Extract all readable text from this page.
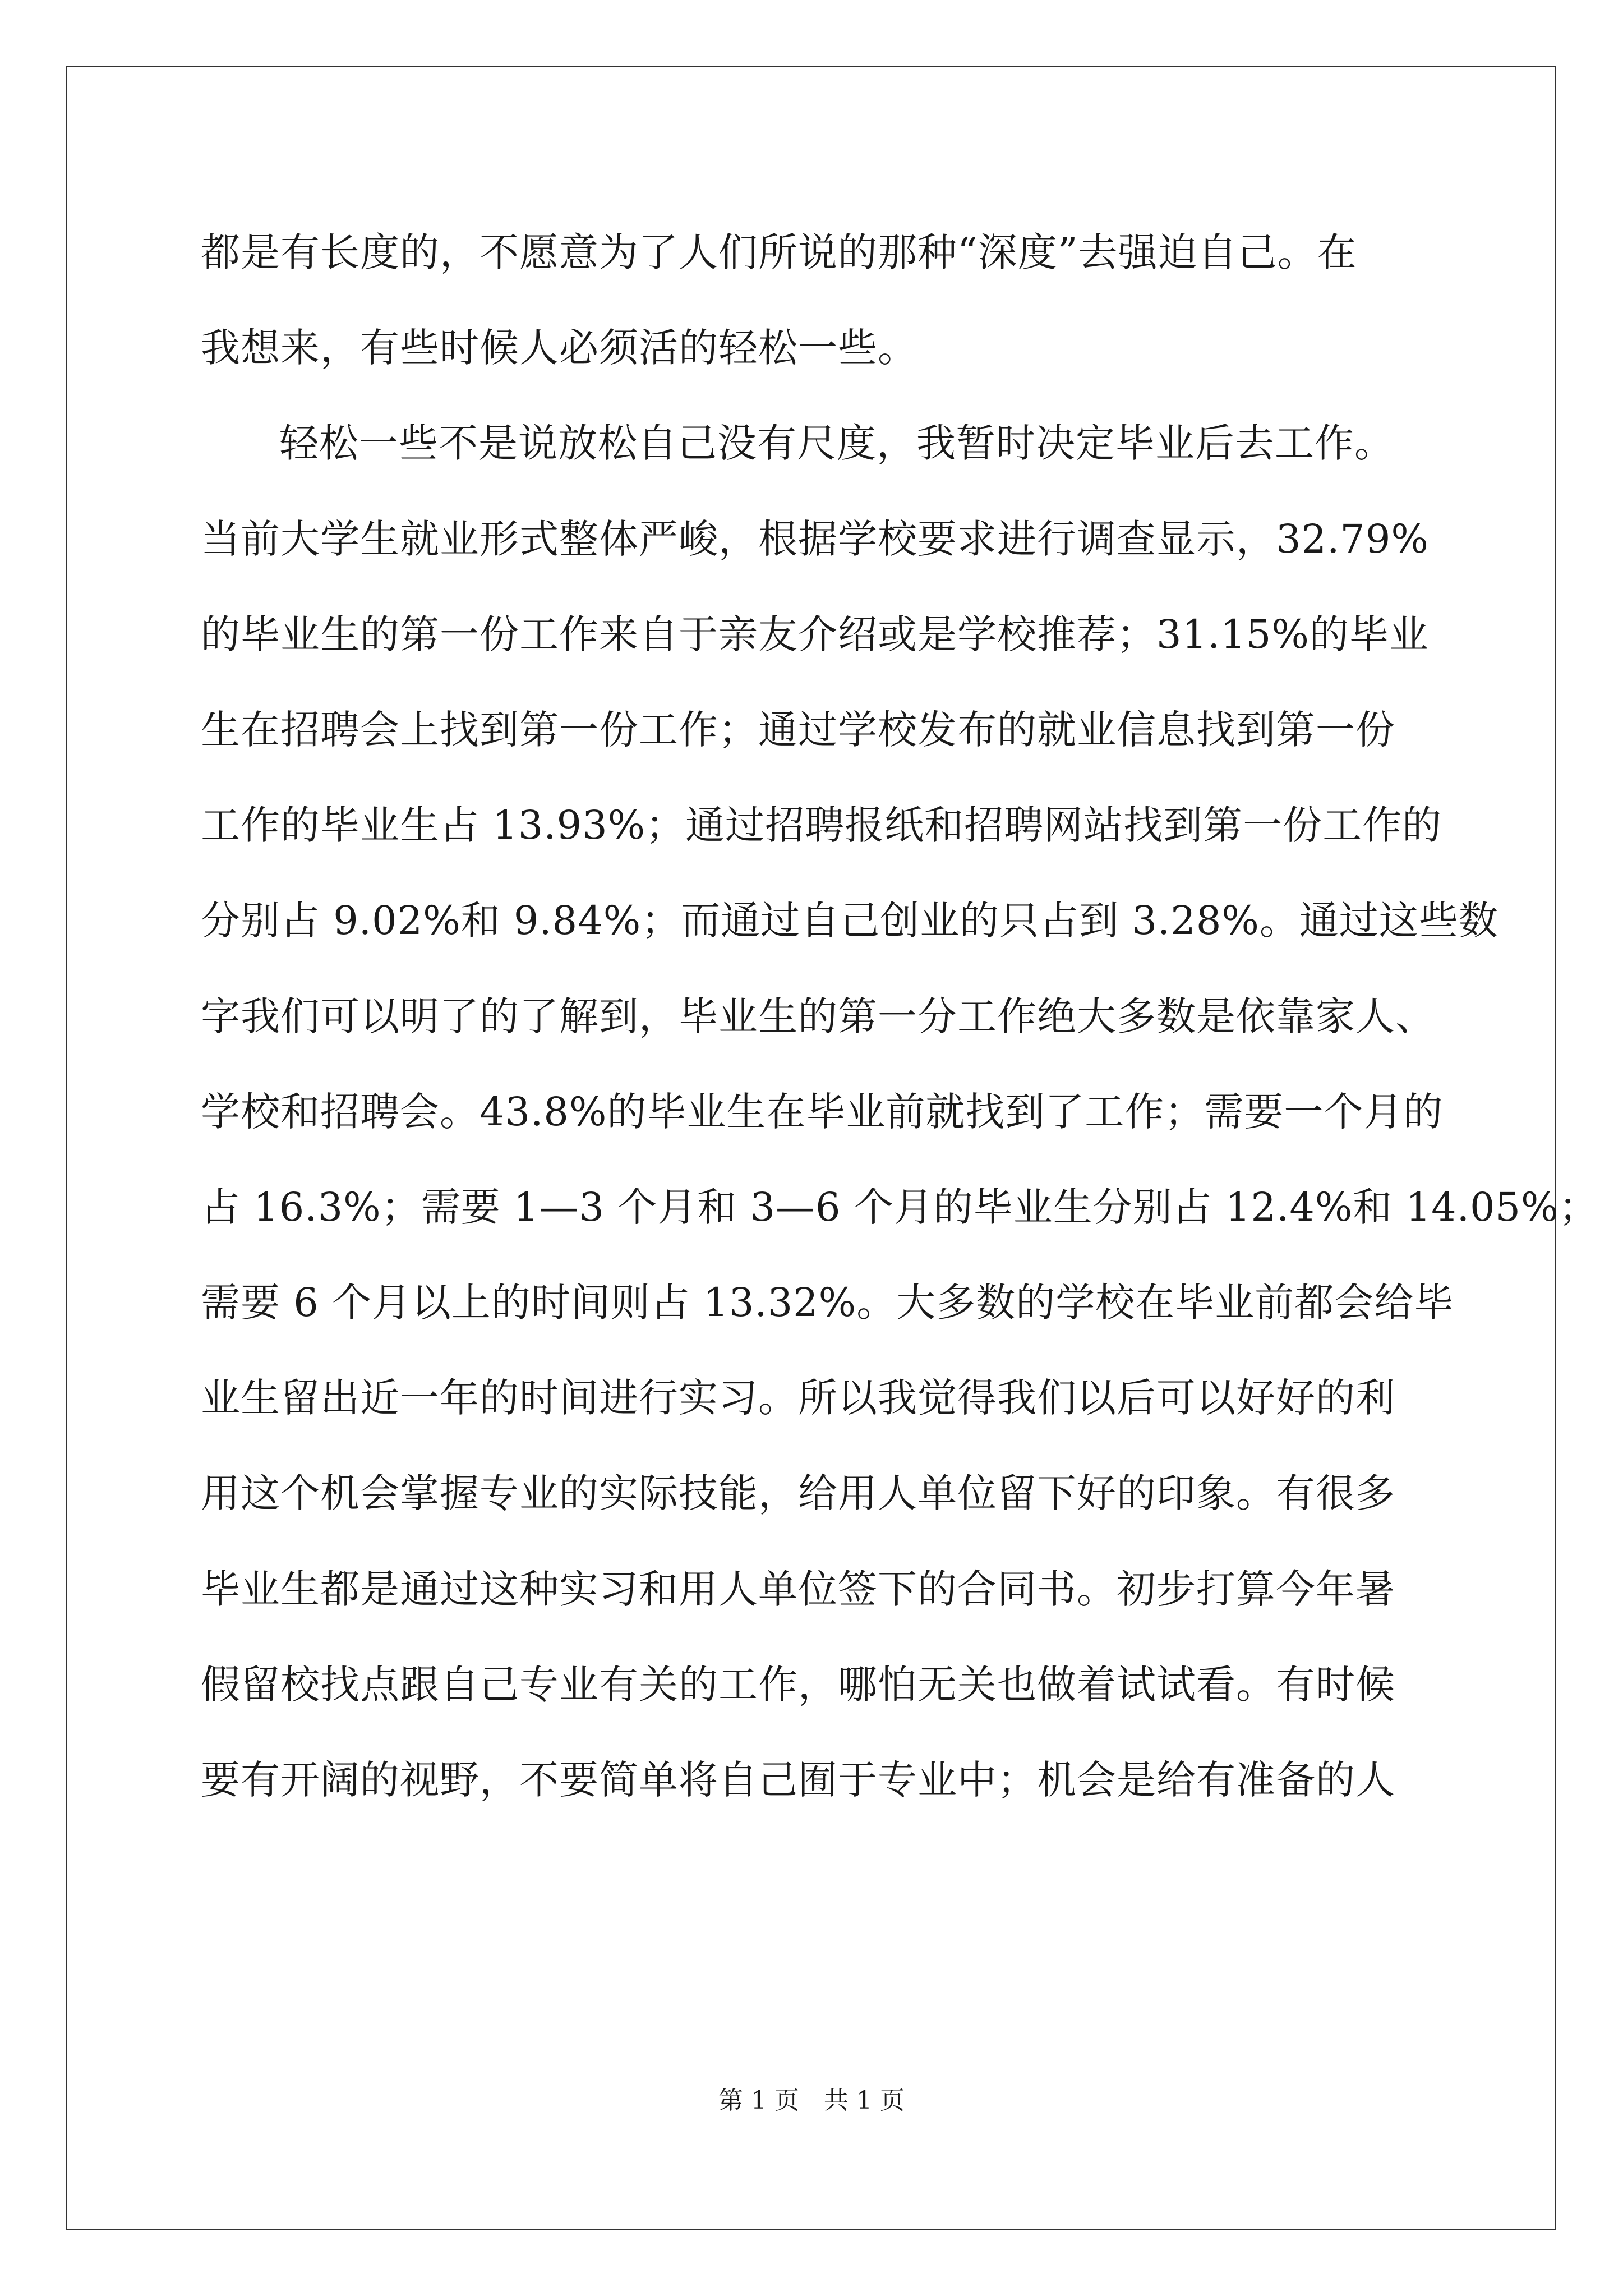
都是有长度的，不愿意为了人们所说的那种“深度”去强迫自己。在
我想来，有些时候人必须活的轻松一些。
轻松一些不是说放松自己没有尺度，我暂时决定毕业后去工作。
当前大学生就业形式整体严峻，根据学校要求进行调查显示，32.79%
的毕业生的第一份工作来自于亲友介绍或是学校推荐；31.15%的毕业
生在招聘会上找到第一份工作；通过学校发布的就业信息找到第一份
工作的毕业生占 13.93%；通过招聘报纸和招聘网站找到第一份工作的
分别占 9.02%和 9.84%；而通过自己创业的只占到 3.28%。通过这些数
字我们可以明了的了解到，毕业生的第一分工作绝大多数是依靠家人、
学校和招聘会。43.8%的毕业生在毕业前就找到了工作；需要一个月的
占 16.3%；需要 1—3 个月和 3—6 个月的毕业生分别占 12.4%和 14.05%；
需要 6 个月以上的时间则占 13.32%。大多数的学校在毕业前都会给毕
业生留出近一年的时间进行实习。所以我觉得我们以后可以好好的利
用这个机会掌握专业的实际技能，给用人单位留下好的印象。有很多
毕业生都是通过这种实习和用人单位签下的合同书。初步打算今年暑
假留校找点跟自己专业有关的工作，哪怕无关也做着试试看。有时候
要有开阔的视野，不要简单将自己囿于专业中；机会是给有准备的人
第 1 页 共 1 页
